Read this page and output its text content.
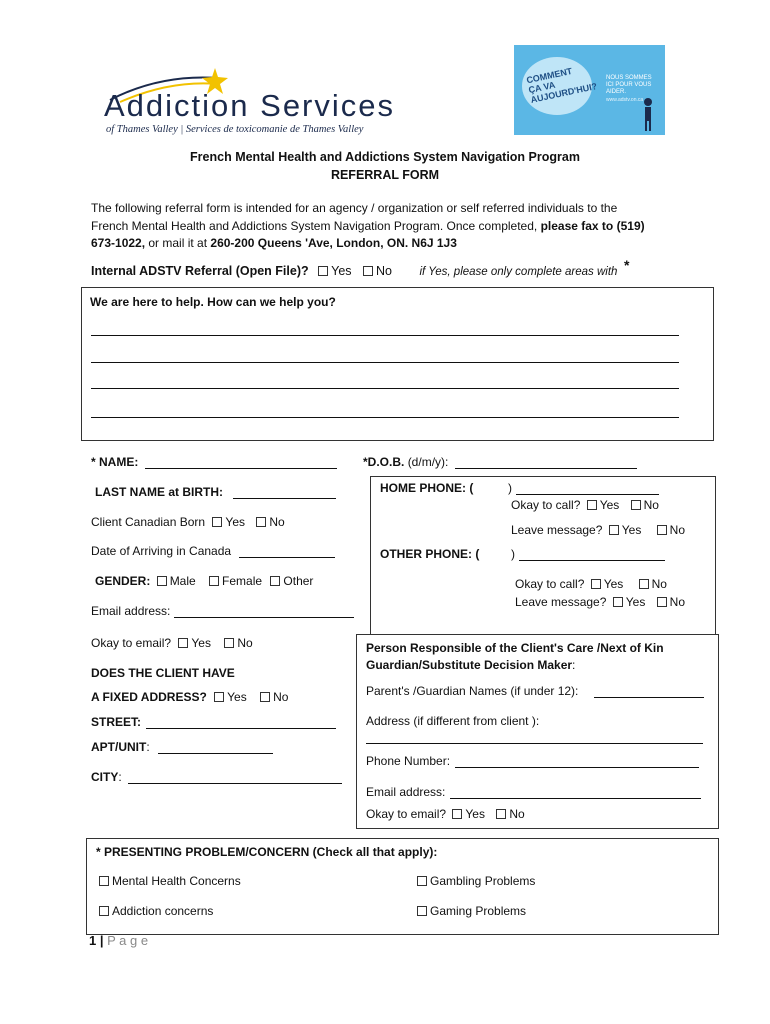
Addiction Services
of Thames Valley | Services de toxicomanie de Thames Valley
COMMENT ÇA VA AUJOURD'HUI?
NOUS SOMMES ICI POUR VOUS AIDER.
www.adstv.on.ca
French Mental Health and Addictions System Navigation Program
REFERRAL FORM
The following referral form is intended for an agency / organization or self referred individuals to the
French Mental Health and Addictions System Navigation Program. Once completed, please fax to (519)
673-1022, or mail it at 260-200 Queens 'Ave, London, ON. N6J 1J3
Internal ADSTV Referral (Open File)? Yes No if Yes, please only complete areas with *
We are here to help. How can we help you?
* NAME:	*D.O.B. (d/m/y):
LAST NAME at BIRTH:
Client Canadian Born Yes No
Date of Arriving in Canada
GENDER: Male Female Other
Email address:
Okay to email? Yes No
DOES THE CLIENT HAVE
A FIXED ADDRESS? Yes No
STREET:
APT/UNIT:
CITY:
HOME PHONE: (	)
Okay to call? Yes No
Leave message? Yes No
OTHER PHONE: (	)
Okay to call? Yes No
Leave message? Yes No
Person Responsible of the Client's Care /Next of Kin
Guardian/Substitute Decision Maker:
Parent's /Guardian Names (if under 12):
Address (if different from client ):
Phone Number:
Email address:
Okay to email? Yes No
* PRESENTING PROBLEM/CONCERN (Check all that apply):
Mental Health Concerns	Gambling Problems
Addiction concerns	Gaming Problems
1 | P a g e
